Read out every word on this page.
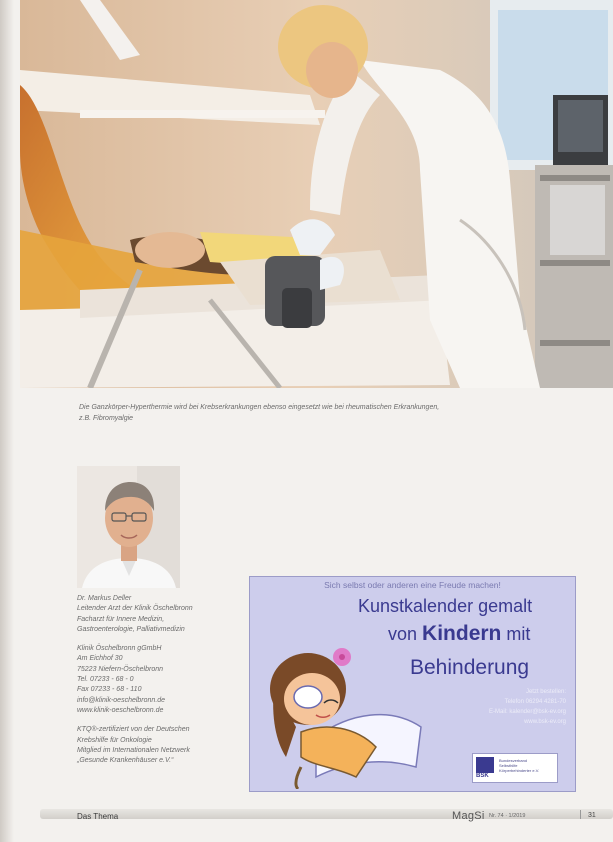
Die Ganzkörper-Hyperthermie wird bei Krebserkrankungen ebenso eingesetzt wie bei rheumatischen Erkrankungen,
z.B. Fibromyalgie
Dr. Markus Deller
Leitender Arzt der Klinik Öschelbronn
Facharzt für Innere Medizin,
Gastroenterologie, Palliativmedizin
Klinik Öschelbronn gGmbH
Am Eichhof 30
75223 Niefern-Öschelbronn
Tel. 07233 - 68 - 0
Fax 07233 - 68 - 110
info@klinik-oeschelbronn.de
www.klinik-oeschelbronn.de
KTQ®-zertifiziert von der Deutschen
Krebshilfe für Onkologie
Mitglied im Internationalen Netzwerk
„Gesunde Krankenhäuser e.V.“
Sich selbst oder anderen eine Freude machen!
Kunstkalender gemalt
von Kindern mit
Behinderung
Jetzt bestellen:
Telefon 06294 4281-70
E-Mail: kalender@bsk-ev.org
www.bsk-ev.org
BSK
Bundesverband
Selbsthilfe
Körperbehinderter e.V.
Das Thema	MagSi Nr. 74 · 1/2019	31
